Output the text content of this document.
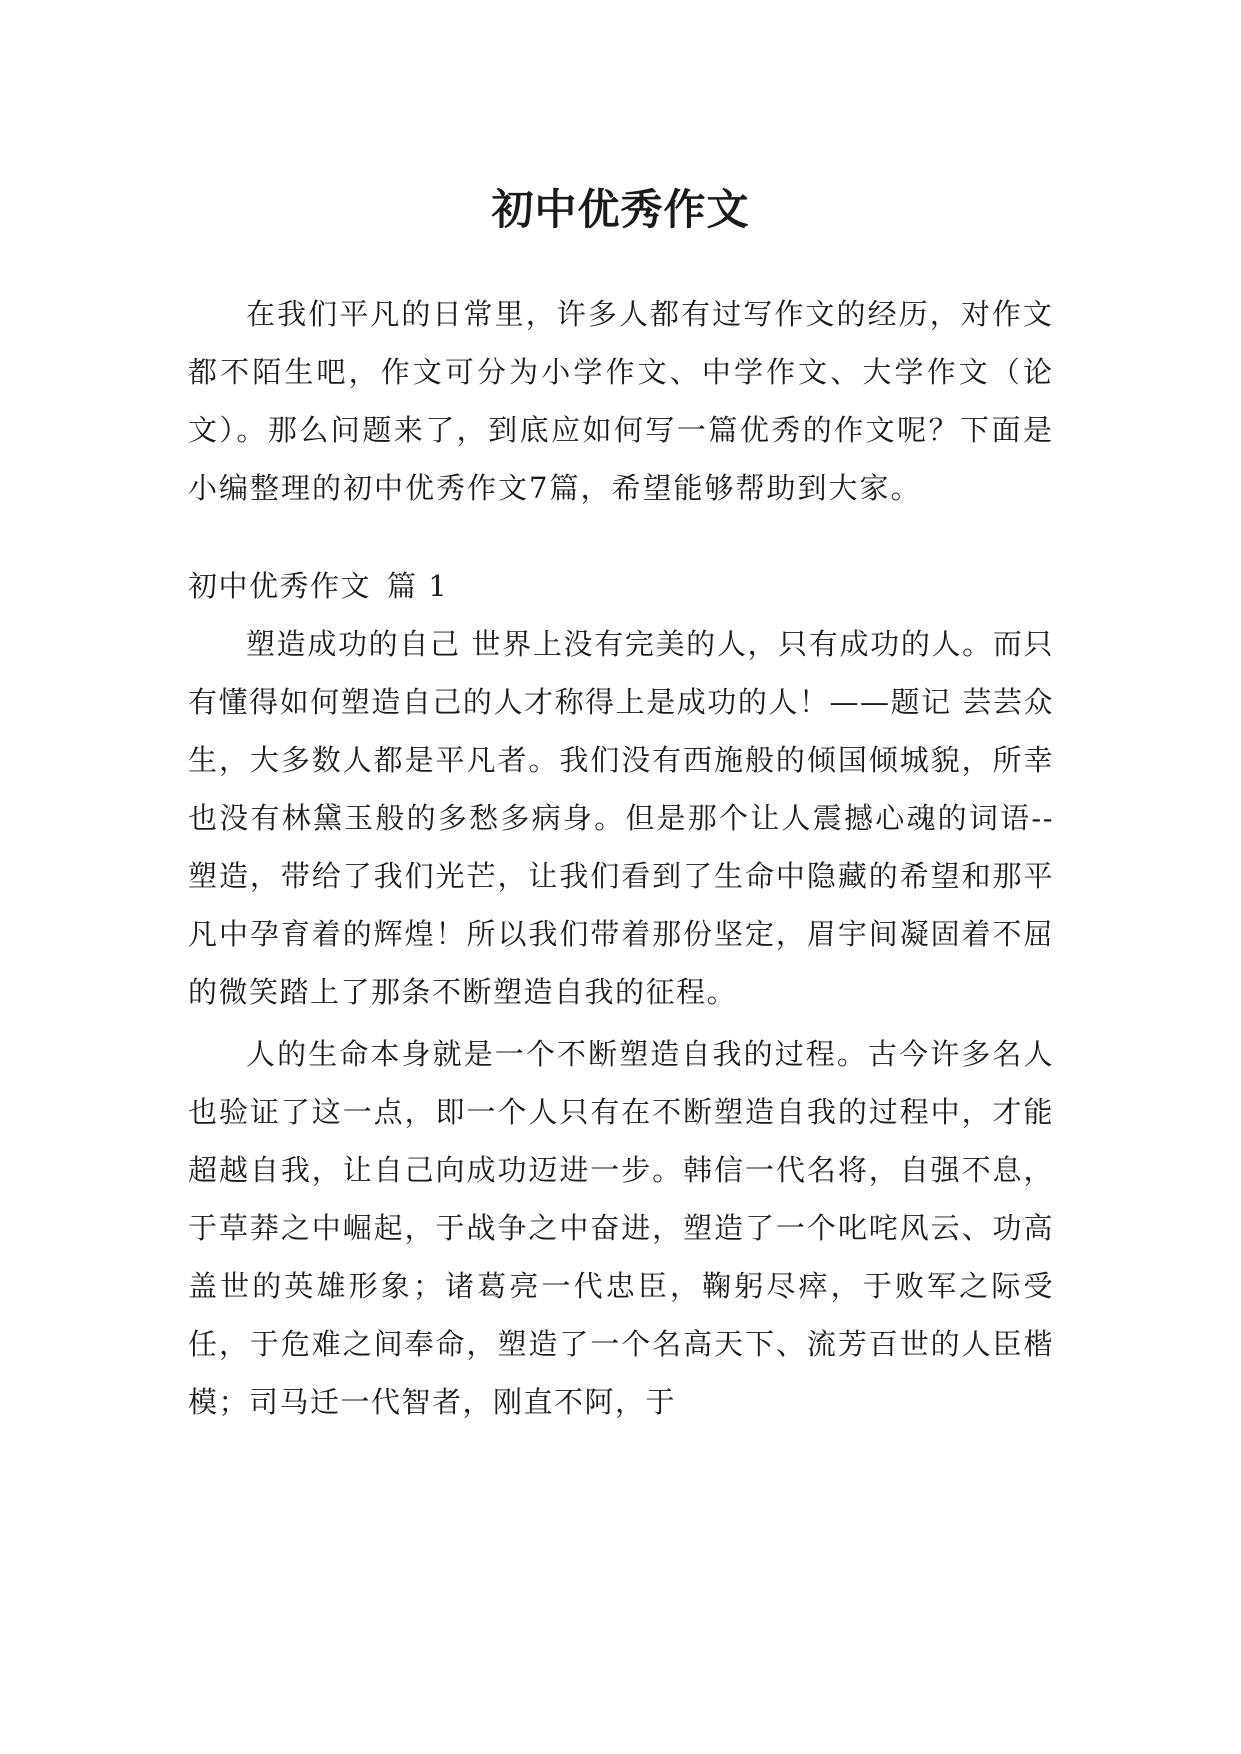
初中优秀作文

在我们平凡的日常里，许多人都有过写作文的经历，对作文都不陌生吧，作文可分为小学作文、中学作文、大学作文（论文）。那么问题来了，到底应如何写一篇优秀的作文呢？下面是小编整理的初中优秀作文7篇，希望能够帮助到大家。

初中优秀作文 篇 1

塑造成功的自己 世界上没有完美的人，只有成功的人。而只有懂得如何塑造自己的人才称得上是成功的人！——题记 芸芸众生，大多数人都是平凡者。我们没有西施般的倾国倾城貌，所幸也没有林黛玉般的多愁多病身。但是那个让人震撼心魂的词语--塑造，带给了我们光芒，让我们看到了生命中隐藏的希望和那平凡中孕育着的辉煌！所以我们带着那份坚定，眉宇间凝固着不屈的微笑踏上了那条不断塑造自我的征程。

人的生命本身就是一个不断塑造自我的过程。古今许多名人也验证了这一点，即一个人只有在不断塑造自我的过程中，才能超越自我，让自己向成功迈进一步。韩信一代名将，自强不息，于草莽之中崛起，于战争之中奋进，塑造了一个叱咤风云、功高盖世的英雄形象；诸葛亮一代忠臣，鞠躬尽瘁，于败军之际受任，于危难之间奉命，塑造了一个名高天下、流芳百世的人臣楷模；司马迁一代智者，刚直不阿，于
